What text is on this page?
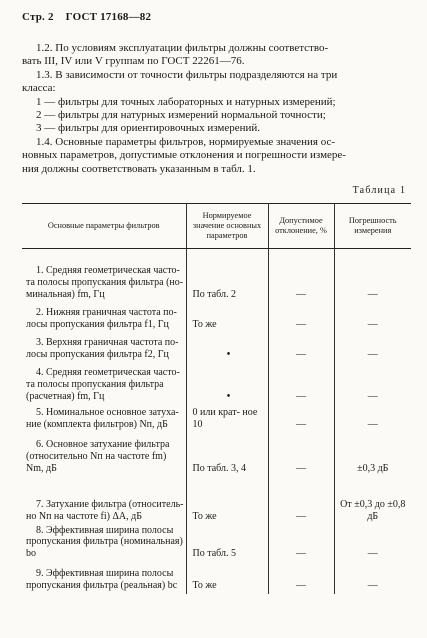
Стр. 2 ГОСТ 17168—82
1.2. По условиям эксплуатации фильтры должны соответство-
вать III, IV или V группам по ГОСТ 22261—76.
1.3. В зависимости от точности фильтры подразделяются на три
класса:
1 — фильтры для точных лабораторных и натурных измерений;
2 — фильтры для натурных измерений нормальной точности;
3 — фильтры для ориентировочных измерений.
1.4. Основные параметры фильтров, нормируемые значения ос-
новных параметров, допустимые отклонения и погрешности измере-
ния должны соответствовать указанным в табл. 1.
Таблица 1
Основные параметры фильтров	Нормируемое значение основных параметров	Допустимое отклонение, %	Погрешность измерения

1. Средняя геометрическая часто-
та полосы пропускания фильтра (но-
минальная) fm, Гц	По табл. 2	—	—

2. Нижняя граничная частота по-
лосы пропускания фильтра f1, Гц	То же	—	—

3. Верхняя граничная частота по-
лосы пропускания фильтра f2, Гц	•	—	—

4. Средняя геометрическая часто-
та полосы пропускания фильтра
(расчетная) fm, Гц	•	—	—

5. Номинальное основное затуха-
ние (комплекта фильтров) Nп, дБ	0 или крат- ное 10	—	—

6. Основное затухание фильтра
(относительно Nп на частоте fm)
Nm, дБ	По табл. 3, 4	—	±0,3 дБ

7. Затухание фильтра (относитель-
но Nп на частоте fi) ΔA, дБ	То же	—	От ±0,3 до ±0,8 дБ

8. Эффективная ширина полосы
пропускания фильтра (номинальная)
bо	По табл. 5	—	—

9. Эффективная ширина полосы
пропускания фильтра (реальная) bс	То же	—	—
